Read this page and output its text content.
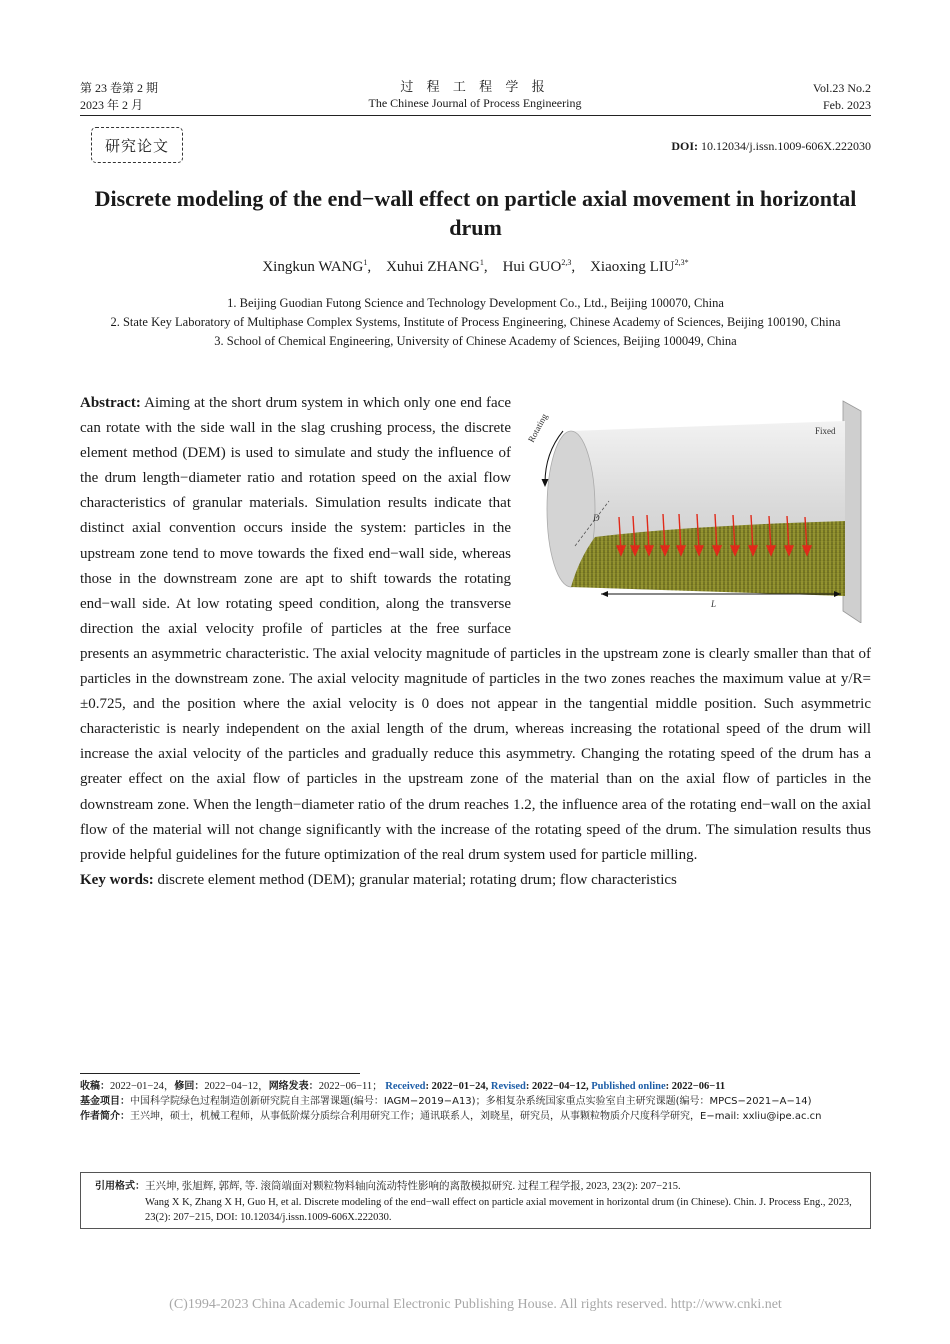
第 23 卷第 2 期
2023 年 2 月
过 程 工 程 学 报
The Chinese Journal of Process Engineering
Vol.23 No.2
Feb. 2023
研究论文	DOI: 10.12034/j.issn.1009-606X.222030
Discrete modeling of the end−wall effect on particle axial movement in horizontal drum
Xingkun WANG$^1$,    Xuhui ZHANG$^1$,    Hui GUO$^{2,3}$,    Xiaoxing $LIU^{2,3*}$
1. Beijing Guodian Futong Science and Technology Development Co., Ltd., Beijing 100070, China
2. State Key Laboratory of Multiphase Complex Systems, Institute of Process Engineering, Chinese Academy of Sciences, Beijing 100190, China
3. School of Chemical Engineering, University of Chinese Academy of Sciences, Beijing 100049, China
D
L
Rotating	Fixed
Abstract: Aiming at the short drum system in which only one end face can rotate with the side wall in the slag crushing process, the discrete element method (DEM) is used to simulate and study the influence of the drum length−diameter ratio and rotation speed on the axial flow characteristics of granular materials. Simulation results indicate that distinct axial convention occurs inside the system: particles in the upstream zone tend to move towards the fixed end−wall side, whereas those in the downstream zone are apt to shift towards the rotating end−wall side. At low rotating speed condition, along the transverse direction the axial velocity profile of particles at the free surface presents an asymmetric characteristic. The axial velocity magnitude of particles in the upstream zone is clearly smaller than that of particles in the downstream zone. The axial velocity magnitude of particles in the two zones reaches the maximum value at y/R= ±0.725, and the position where the axial velocity is 0 does not appear in the tangential middle position. Such asymmetric characteristic is nearly independent on the axial length of the drum, whereas increasing the rotational speed of the drum will increase the axial velocity of the particles and gradually reduce this asymmetry. Changing the rotating speed of the drum has a greater effect on the axial flow of particles in the upstream zone of the material than on the axial flow of particles in the downstream zone. When the length−diameter ratio of the drum reaches 1.2, the influence area of the rotating end−wall on the axial flow of the material will not change significantly with the increase of the rotating speed of the drum. The simulation results thus provide helpful guidelines for the future optimization of the real drum system used for particle milling.
Key words: discrete element method (DEM); granular material; rotating drum; flow characteristics
收稿：2022−01−24，修回：2022−04−12，网络发表：2022−06−11； Received: 2022−01−24, Revised: 2022−04−12, Published online: 2022−06−11
基金项目： 中国科学院绿色过程制造创新研究院自主部署课题(编号：IAGM−2019−A13)；多相复杂系统国家重点实验室自主研究课题(编号：MPCS−2021−A−14)
作者简介： 王兴坤，硕士，机械工程师，从事低阶煤分质综合利用研究工作；通讯联系人，刘晓星，研究员，从事颗粒物质介尺度科学研究，E−mail: xxliu@ipe.ac.cn
引用格式： 王兴坤, 张旭辉, 郭辉, 等. 滚筒端面对颗粒物料轴向流动特性影响的离散模拟研究. 过程工程学报, 2023, 23(2): 207−215.
Wang X K, Zhang X H, Guo H, et al. Discrete modeling of the end−wall effect on particle axial movement in horizontal drum (in Chinese). Chin. J. Process Eng., 2023, 23(2): 207−215, DOI: 10.12034/j.issn.1009-606X.222030.
(C)1994-2023 China Academic Journal Electronic Publishing House. All rights reserved. http://www.cnki.net
